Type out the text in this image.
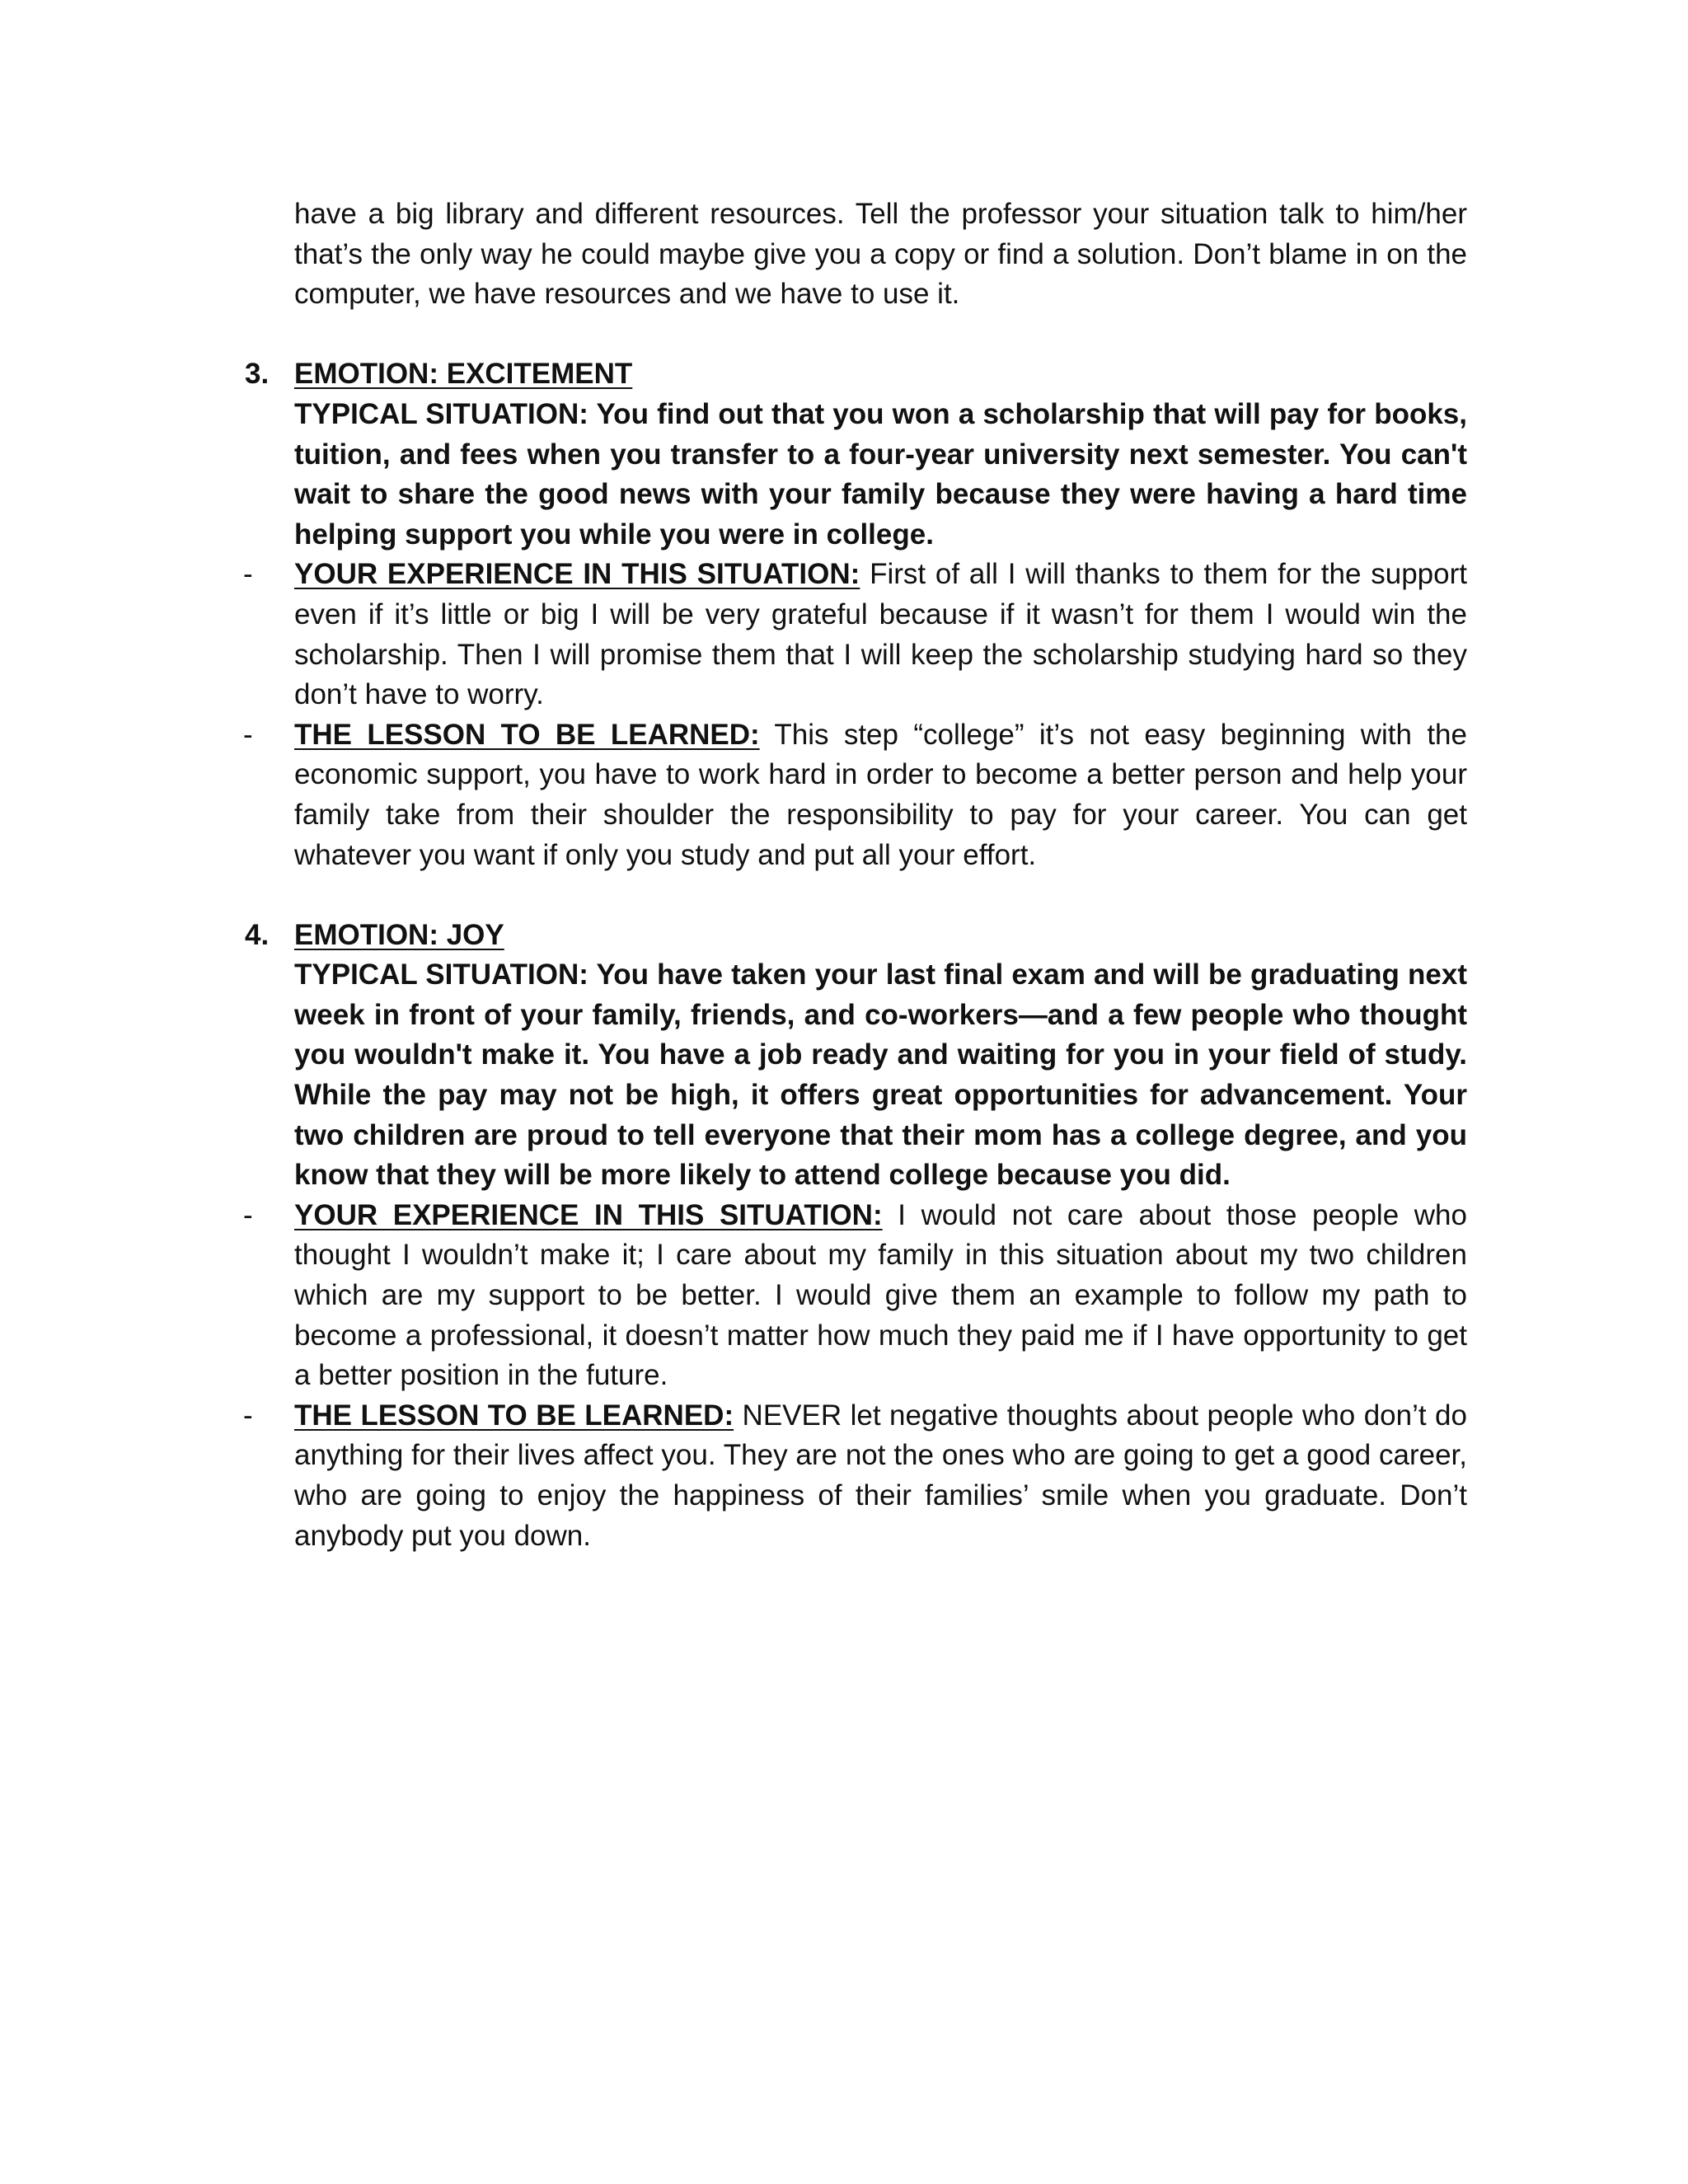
have a big library and different resources. Tell the professor your situation talk to him/her that’s the only way he could maybe give you a copy or find a solution. Don’t blame in on the computer, we have resources and we have to use it.

3. EMOTION: EXCITEMENT

TYPICAL SITUATION: You find out that you won a scholarship that will pay for books, tuition, and fees when you transfer to a four-year university next semester. You can't wait to share the good news with your family because they were having a hard time helping support you while you were in college.

- YOUR EXPERIENCE IN THIS SITUATION: First of all I will thanks to them for the support even if it’s little or big I will be very grateful because if it wasn’t for them I would win the scholarship. Then I will promise them that I will keep the scholarship studying hard so they don’t have to worry.

- THE LESSON TO BE LEARNED: This step “college” it’s not easy beginning with the economic support, you have to work hard in order to become a better person and help your family take from their shoulder the responsibility to pay for your career. You can get whatever you want if only you study and put all your effort.

4. EMOTION: JOY

TYPICAL SITUATION: You have taken your last final exam and will be graduating next week in front of your family, friends, and co-workers—and a few people who thought you wouldn't make it. You have a job ready and waiting for you in your field of study. While the pay may not be high, it offers great opportunities for advancement. Your two children are proud to tell everyone that their mom has a college degree, and you know that they will be more likely to attend college because you did.

- YOUR EXPERIENCE IN THIS SITUATION: I would not care about those people who thought I wouldn’t make it; I care about my family in this situation about my two children which are my support to be better. I would give them an example to follow my path to become a professional, it doesn’t matter how much they paid me if I have opportunity to get a better position in the future.

- THE LESSON TO BE LEARNED: NEVER let negative thoughts about people who don’t do anything for their lives affect you. They are not the ones who are going to get a good career, who are going to enjoy the happiness of their families’ smile when you graduate. Don’t anybody put you down.
